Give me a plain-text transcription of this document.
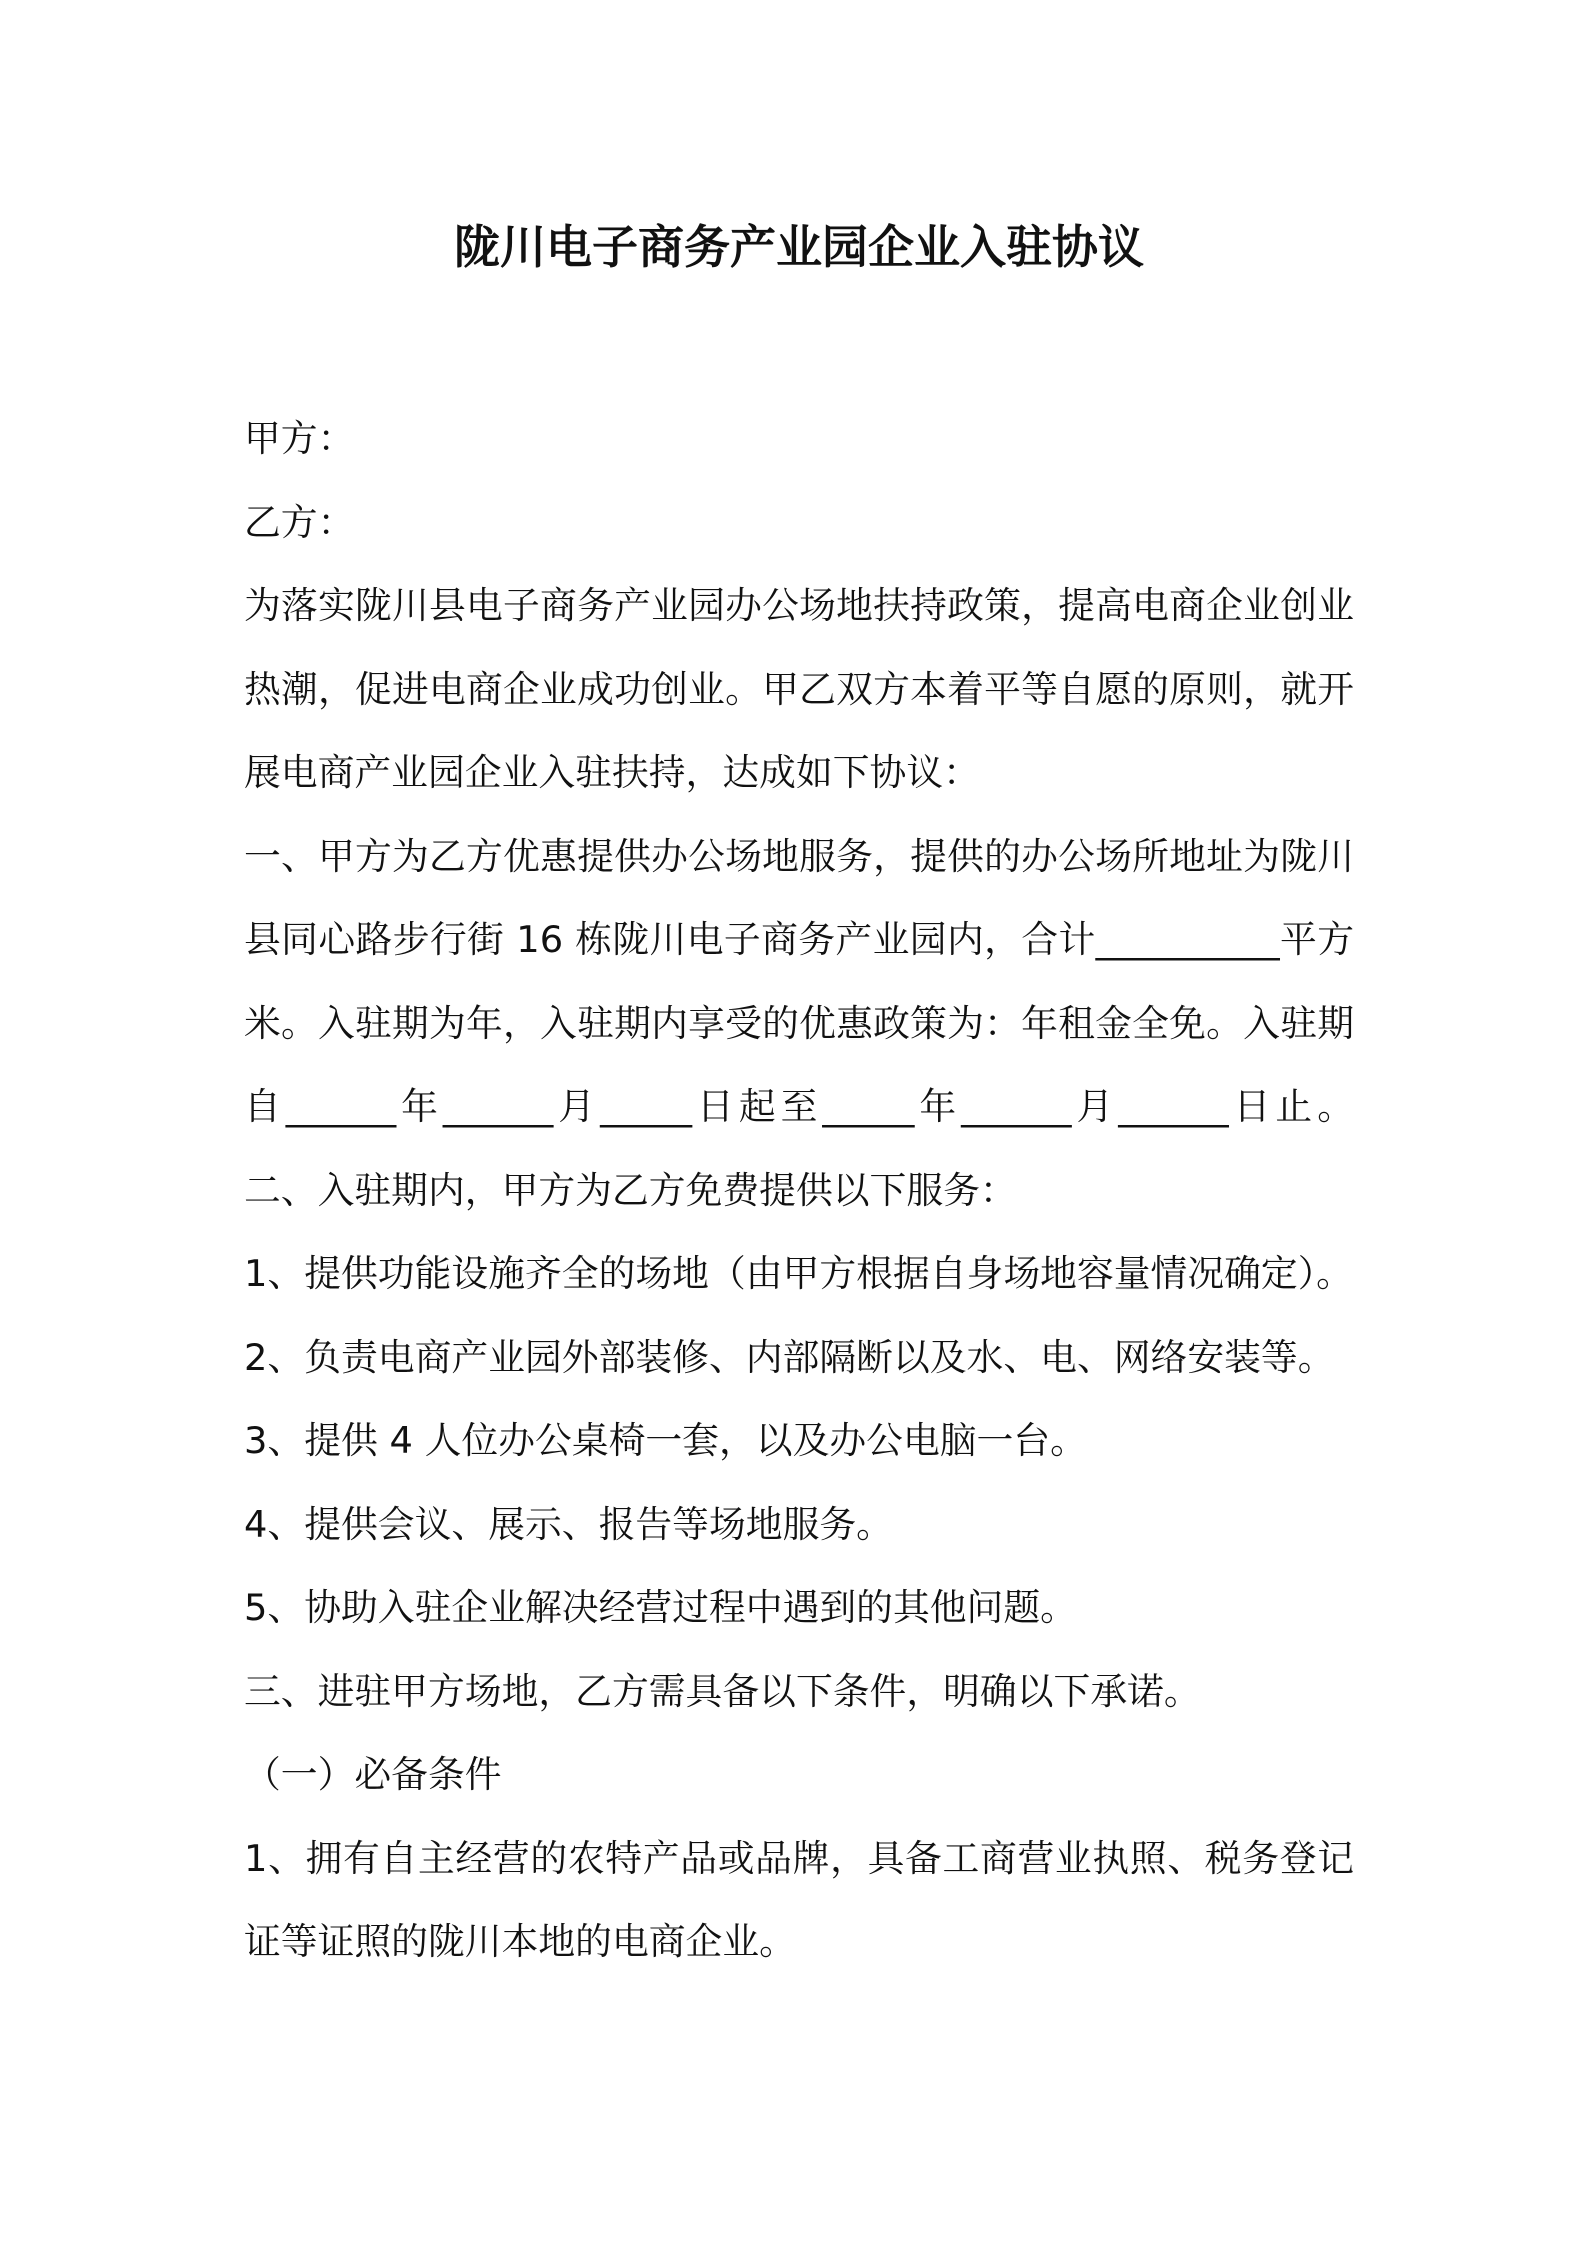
陇川电子商务产业园企业入驻协议
甲方：
乙方：
为落实陇川县电子商务产业园办公场地扶持政策，提高电商企业创业
热潮，促进电商企业成功创业。甲乙双方本着平等自愿的原则，就开
展电商产业园企业入驻扶持，达成如下协议：
一、甲方为乙方优惠提供办公场地服务，提供的办公场所地址为陇川
县同心路步行街 16 栋陇川电子商务产业园内，合计__________平方
米。入驻期为年，入驻期内享受的优惠政策为：年租金全免。入驻期
自______年______月_____日起至_____年______月______日止。
二、入驻期内，甲方为乙方免费提供以下服务：
1、提供功能设施齐全的场地（由甲方根据自身场地容量情况确定）。
2、负责电商产业园外部装修、内部隔断以及水、电、网络安装等。
3、提供 4 人位办公桌椅一套，以及办公电脑一台。
4、提供会议、展示、报告等场地服务。
5、协助入驻企业解决经营过程中遇到的其他问题。
三、进驻甲方场地，乙方需具备以下条件，明确以下承诺。
（一）必备条件
1、拥有自主经营的农特产品或品牌，具备工商营业执照、税务登记
证等证照的陇川本地的电商企业。
